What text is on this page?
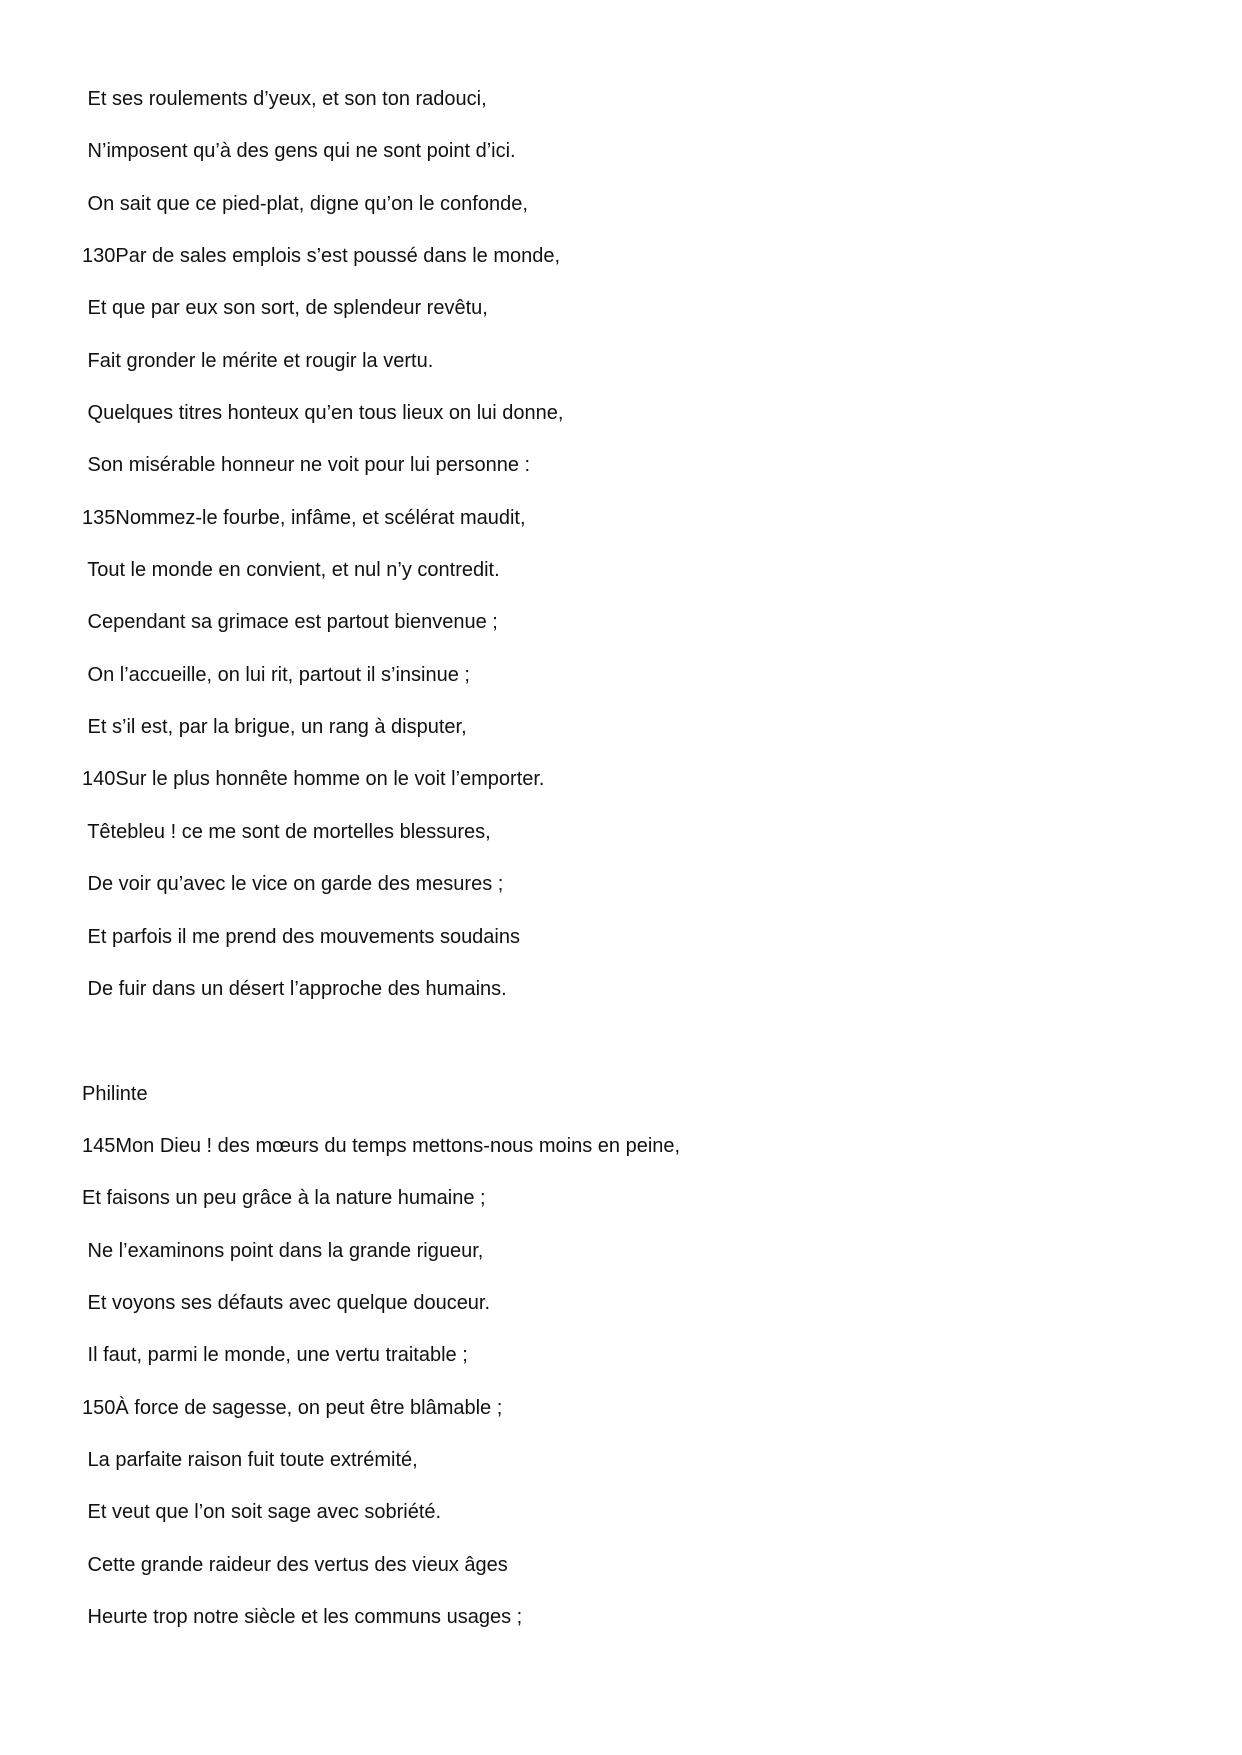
Et ses roulements d’yeux, et son ton radouci,
N’imposent qu’à des gens qui ne sont point d’ici.
On sait que ce pied-plat, digne qu’on le confonde,
130Par de sales emplois s’est poussé dans le monde,
Et que par eux son sort, de splendeur revêtu,
Fait gronder le mérite et rougir la vertu.
Quelques titres honteux qu’en tous lieux on lui donne,
Son misérable honneur ne voit pour lui personne :
135Nommez-le fourbe, infâme, et scélérat maudit,
Tout le monde en convient, et nul n’y contredit.
Cependant sa grimace est partout bienvenue ;
On l’accueille, on lui rit, partout il s’insinue ;
Et s’il est, par la brigue, un rang à disputer,
140Sur le plus honnête homme on le voit l’emporter.
Têtebleu ! ce me sont de mortelles blessures,
De voir qu’avec le vice on garde des mesures ;
Et parfois il me prend des mouvements soudains
De fuir dans un désert l’approche des humains.
Philinte
145Mon Dieu ! des mœurs du temps mettons-nous moins en peine,
Et faisons un peu grâce à la nature humaine ;
Ne l’examinons point dans la grande rigueur,
Et voyons ses défauts avec quelque douceur.
Il faut, parmi le monde, une vertu traitable ;
150À force de sagesse, on peut être blâmable ;
La parfaite raison fuit toute extrémité,
Et veut que l’on soit sage avec sobriété.
Cette grande raideur des vertus des vieux âges
Heurte trop notre siècle et les communs usages ;
